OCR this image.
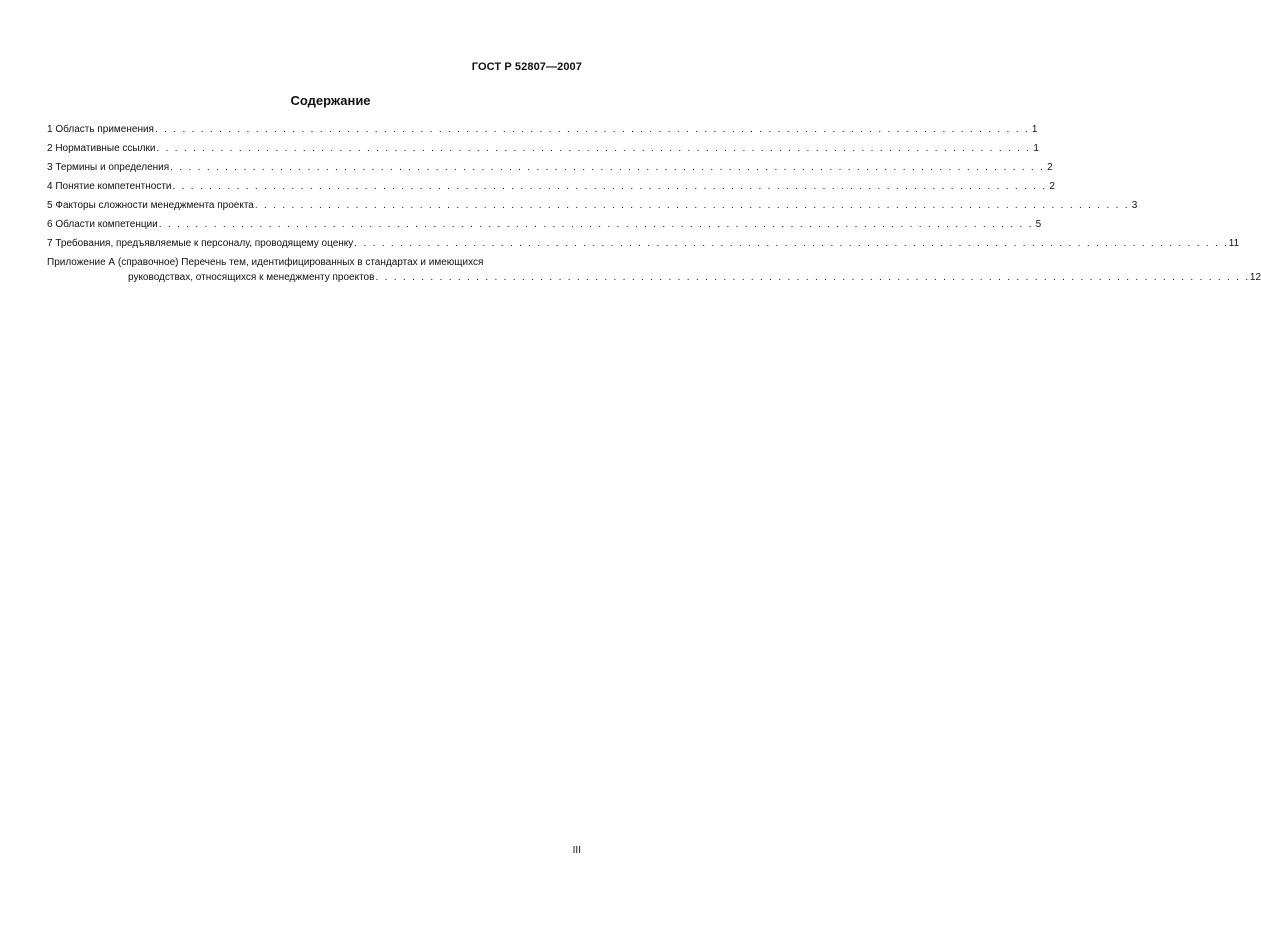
ГОСТ Р 52807—2007
Содержание
1 Область применения . . . . . . . . . . . . . . . . . . . . . . . . . . . . . . . . . . . . . . . . . . . . . . . . . . . . . . . . . . . . . . . . . . . . . . . . . . . . . . . . . . . . . . . . . . . . . . . . 1
2 Нормативные ссылки . . . . . . . . . . . . . . . . . . . . . . . . . . . . . . . . . . . . . . . . . . . . . . . . . . . . . . . . . . . . . . . . . . . . . . . . . . . . . . . . . . . . . . . . . . . . . . . . 1
3 Термины и определения . . . . . . . . . . . . . . . . . . . . . . . . . . . . . . . . . . . . . . . . . . . . . . . . . . . . . . . . . . . . . . . . . . . . . . . . . . . . . . . . . . . . . . . . . . . . . . . . 2
4 Понятие компетентности . . . . . . . . . . . . . . . . . . . . . . . . . . . . . . . . . . . . . . . . . . . . . . . . . . . . . . . . . . . . . . . . . . . . . . . . . . . . . . . . . . . . . . . . . . . . . . . . 2
5 Факторы сложности менеджмента проекта . . . . . . . . . . . . . . . . . . . . . . . . . . . . . . . . . . . . . . . . . . . . . . . . . . . . . . . . . . . . . . . . . . . . . . . . . . . . . . . . . . . . . . . . . . . . . . . . 3
6 Области компетенции . . . . . . . . . . . . . . . . . . . . . . . . . . . . . . . . . . . . . . . . . . . . . . . . . . . . . . . . . . . . . . . . . . . . . . . . . . . . . . . . . . . . . . . . . . . . . . . . 5
7 Требования, предъявляемые к персоналу, проводящему оценку . . . . . . . . . . . . . . . . . . . . . . . . . . . . . . . . . . . . . . . . . . . . . . . . . . . . . . . . . . . . . . . . . . . . . . . . . . . . . . . . . . . . . . . . . . . . . . . . 11
Приложение А (справочное) Перечень тем, идентифицированных в стандартах и имеющихся
руководствах, относящихся к менеджменту проектов . . . . . . . . . . . . . . . . . . . . . . . . . . . . . . . . . . . . . . . . . . . . . . . . . . . . . . . . . . . . . . . . . . . . . . . . . . . . . . . . . . . . . . . . . . . . . . . . 12
III
